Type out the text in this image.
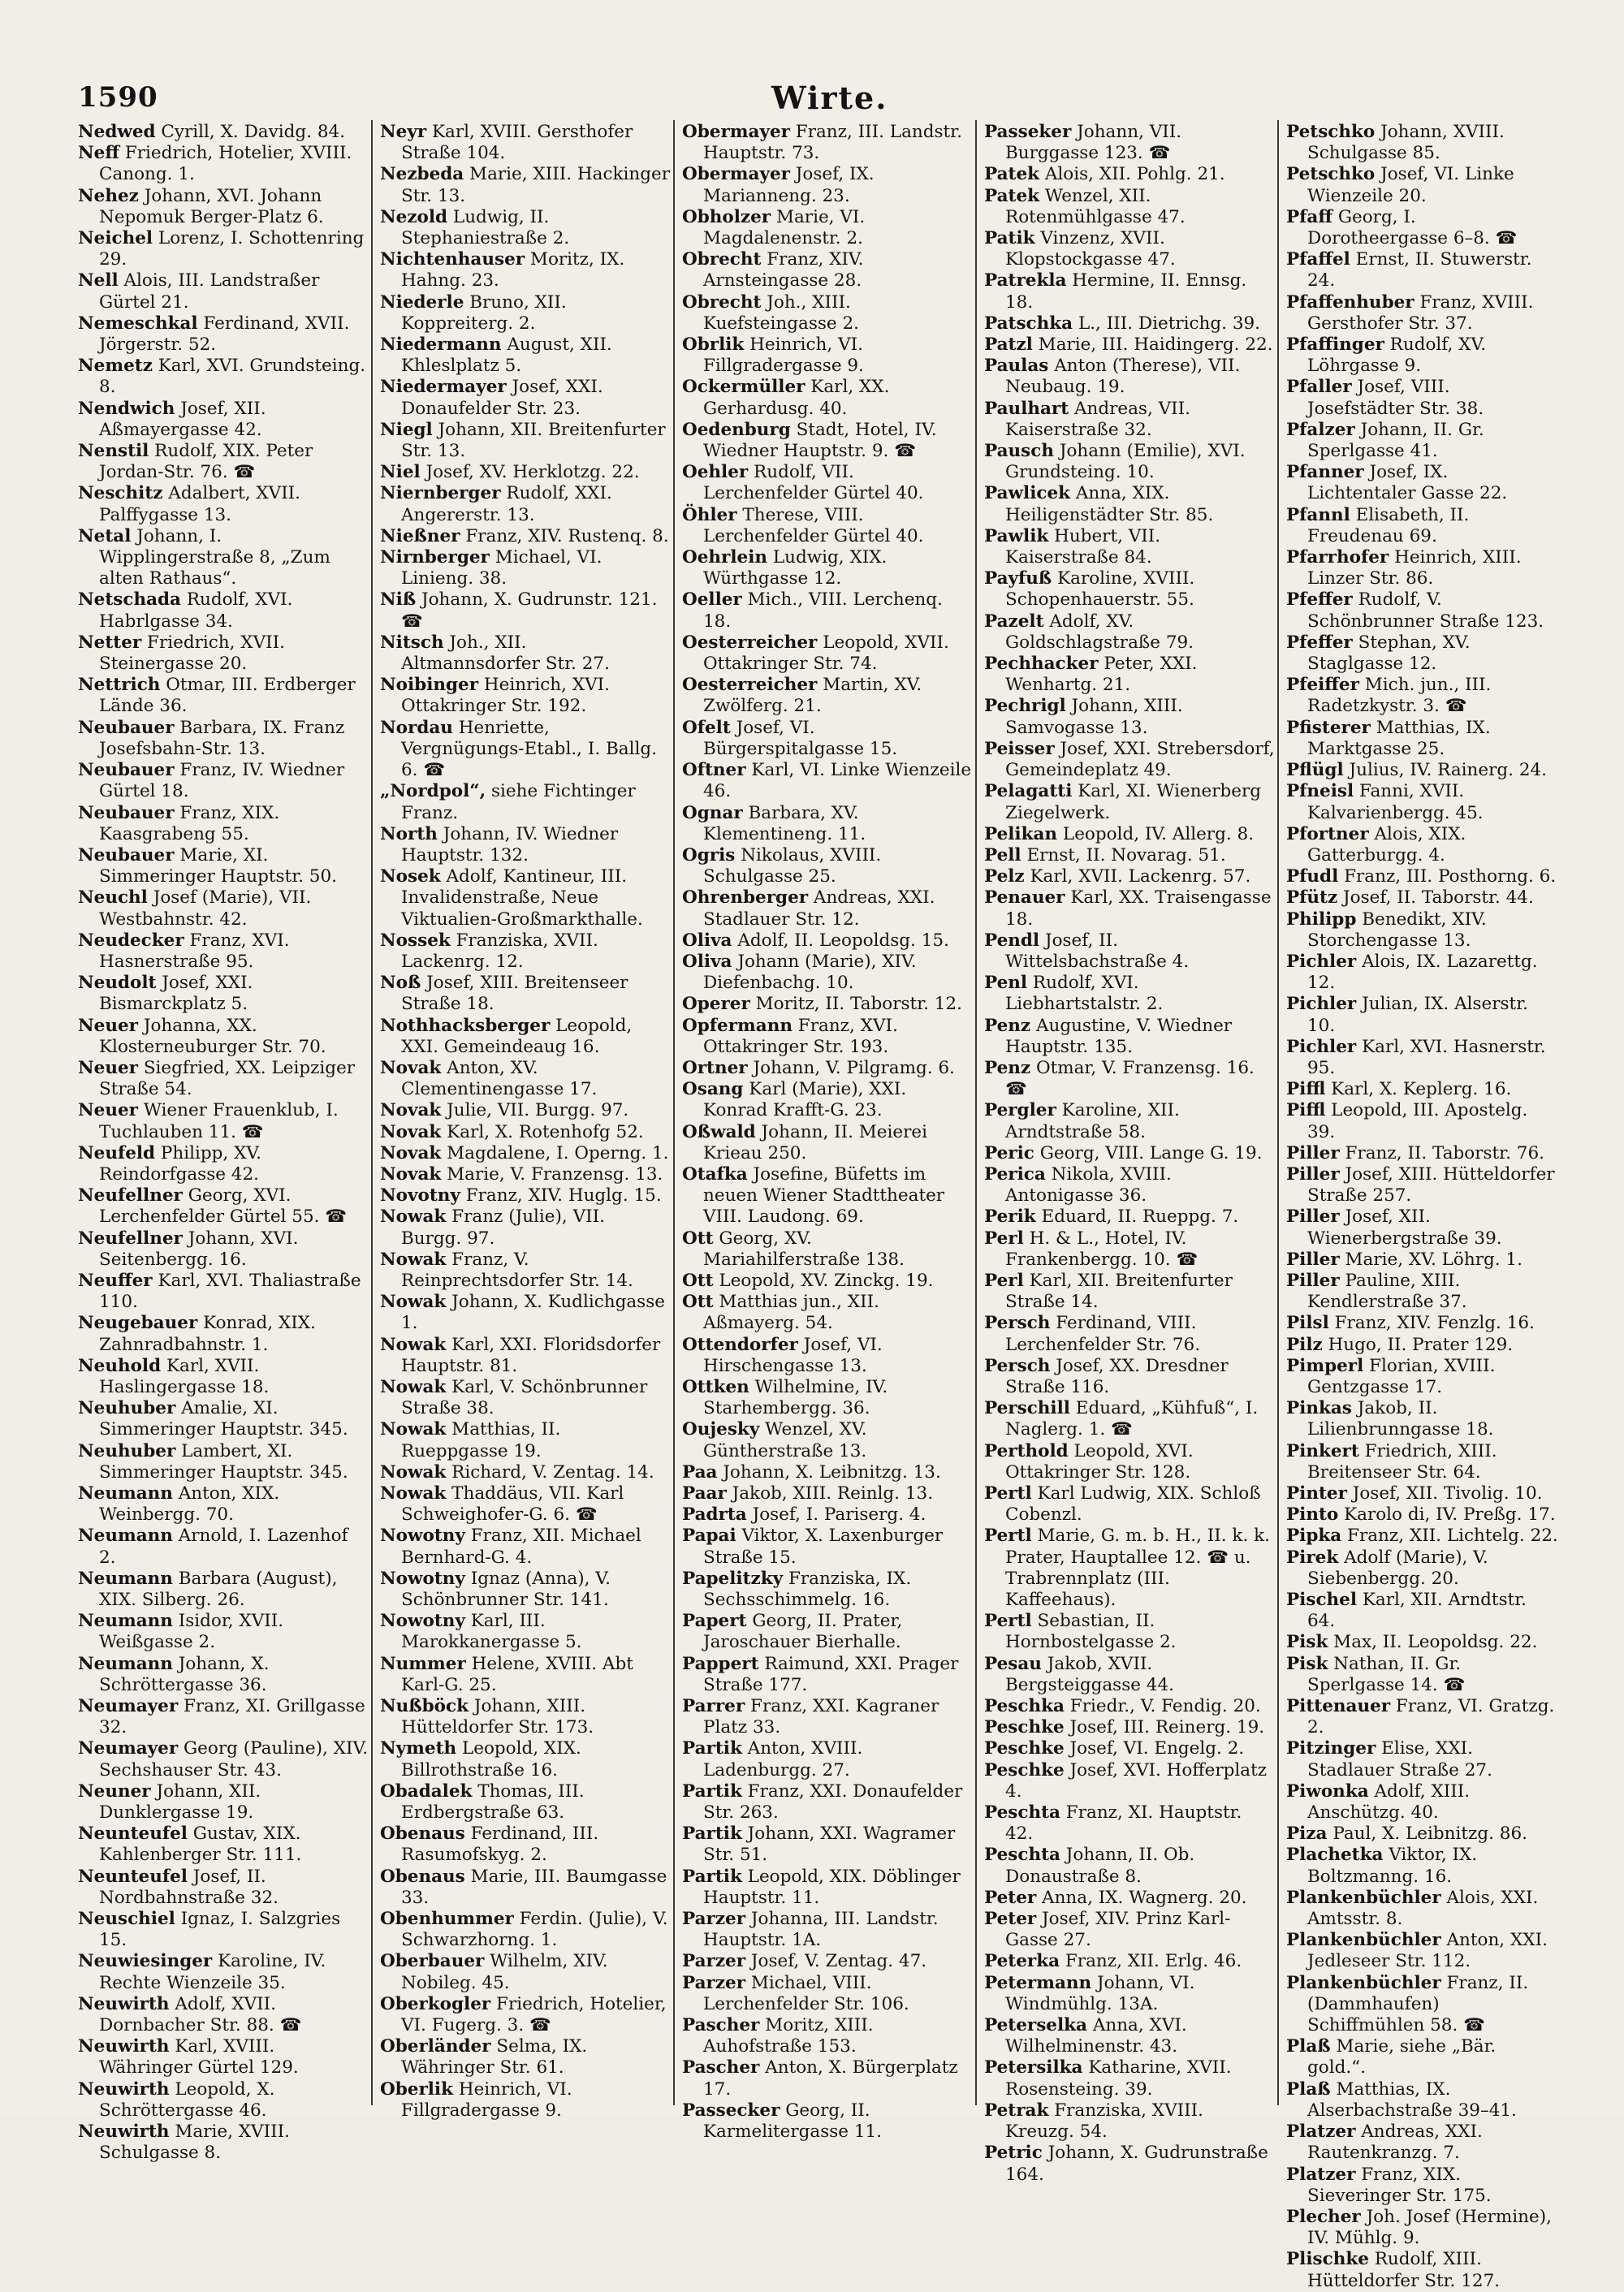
1590	Wirte.

Nedwed Cyrill, X. Davidg. 84.

Neff Friedrich, Hotelier, XVIII. Canong. 1.

Nehez Johann, XVI. Johann Nepomuk Berger-Platz 6.

Neichel Lorenz, I. Schottenring 29.

Nell Alois, III. Landstraßer Gürtel 21.

Nemeschkal Ferdinand, XVII. Jörgerstr. 52.

Nemetz Karl, XVI. Grundsteing. 8.

Nendwich Josef, XII. Aßmayergasse 42.

Nenstil Rudolf, XIX. Peter Jordan-Str. 76. ☎

Neschitz Adalbert, XVII. Palffygasse 13.

Netal Johann, I. Wipplingerstraße 8, „Zum alten Rathaus“.

Netschada Rudolf, XVI. Habrlgasse 34.

Netter Friedrich, XVII. Steinergasse 20.

Nettrich Otmar, III. Erdberger Lände 36.

Neubauer Barbara, IX. Franz Josefsbahn-Str. 13.

Neubauer Franz, IV. Wiedner Gürtel 18.

Neubauer Franz, XIX. Kaasgrabeng 55.

Neubauer Marie, XI. Simmeringer Hauptstr. 50.

Neuchl Josef (Marie), VII. Westbahnstr. 42.

Neudecker Franz, XVI. Hasnerstraße 95.

Neudolt Josef, XXI. Bismarckplatz 5.

Neuer Johanna, XX. Klosterneuburger Str. 70.

Neuer Siegfried, XX. Leipziger Straße 54.

Neuer Wiener Frauenklub, I. Tuchlauben 11. ☎

Neufeld Philipp, XV. Reindorfgasse 42.

Neufellner Georg, XVI. Lerchenfelder Gürtel 55. ☎

Neufellner Johann, XVI. Seitenbergg. 16.

Neuffer Karl, XVI. Thaliastraße 110.

Neugebauer Konrad, XIX. Zahnradbahnstr. 1.

Neuhold Karl, XVII. Haslingergasse 18.

Neuhuber Amalie, XI. Simmeringer Hauptstr. 345.

Neuhuber Lambert, XI. Simmeringer Hauptstr. 345.

Neumann Anton, XIX. Weinbergg. 70.

Neumann Arnold, I. Lazenhof 2.

Neumann Barbara (August), XIX. Silberg. 26.

Neumann Isidor, XVII. Weißgasse 2.

Neumann Johann, X. Schröttergasse 36.

Neumayer Franz, XI. Grillgasse 32.

Neumayer Georg (Pauline), XIV. Sechshauser Str. 43.

Neuner Johann, XII. Dunklergasse 19.

Neunteufel Gustav, XIX. Kahlenberger Str. 111.

Neunteufel Josef, II. Nordbahnstraße 32.

Neuschiel Ignaz, I. Salzgries 15.

Neuwiesinger Karoline, IV. Rechte Wienzeile 35.

Neuwirth Adolf, XVII. Dornbacher Str. 88. ☎

Neuwirth Karl, XVIII. Währinger Gürtel 129.

Neuwirth Leopold, X. Schröttergasse 46.

Neuwirth Marie, XVIII. Schulgasse 8.

Neyr Karl, XVIII. Gersthofer Straße 104.

Nezbeda Marie, XIII. Hackinger Str. 13.

Nezold Ludwig, II. Stephaniestraße 2.

Nichtenhauser Moritz, IX. Hahng. 23.

Niederle Bruno, XII. Koppreiterg. 2.

Niedermann August, XII. Khleslplatz 5.

Niedermayer Josef, XXI. Donaufelder Str. 23.

Niegl Johann, XII. Breitenfurter Str. 13.

Niel Josef, XV. Herklotzg. 22.

Niernberger Rudolf, XXI. Angererstr. 13.

Nießner Franz, XIV. Rustenq. 8.

Nirnberger Michael, VI. Linieng. 38.

Niß Johann, X. Gudrunstr. 121. ☎

Nitsch Joh., XII. Altmannsdorfer Str. 27.

Noibinger Heinrich, XVI. Ottakringer Str. 192.

Nordau Henriette, Vergnügungs-Etabl., I. Ballg. 6. ☎

„Nordpol“, siehe Fichtinger Franz.

North Johann, IV. Wiedner Hauptstr. 132.

Nosek Adolf, Kantineur, III. Invalidenstraße, Neue Viktualien-Großmarkthalle.

Nossek Franziska, XVII. Lackenrg. 12.

Noß Josef, XIII. Breitenseer Straße 18.

Nothhacksberger Leopold, XXI. Gemeindeaug 16.

Novak Anton, XV. Clementinengasse 17.

Novak Julie, VII. Burgg. 97.

Novak Karl, X. Rotenhofg 52.

Novak Magdalene, I. Operng. 1.

Novak Marie, V. Franzensg. 13.

Novotny Franz, XIV. Huglg. 15.

Nowak Franz (Julie), VII. Burgg. 97.

Nowak Franz, V. Reinprechtsdorfer Str. 14.

Nowak Johann, X. Kudlichgasse 1.

Nowak Karl, XXI. Floridsdorfer Hauptstr. 81.

Nowak Karl, V. Schönbrunner Straße 38.

Nowak Matthias, II. Rueppgasse 19.

Nowak Richard, V. Zentag. 14.

Nowak Thaddäus, VII. Karl Schweighofer-G. 6. ☎

Nowotny Franz, XII. Michael Bernhard-G. 4.

Nowotny Ignaz (Anna), V. Schönbrunner Str. 141.

Nowotny Karl, III. Marokkanergasse 5.

Nummer Helene, XVIII. Abt Karl-G. 25.

Nußböck Johann, XIII. Hütteldorfer Str. 173.

Nymeth Leopold, XIX. Billrothstraße 16.

Obadalek Thomas, III. Erdbergstraße 63.

Obenaus Ferdinand, III. Rasumofskyg. 2.

Obenaus Marie, III. Baumgasse 33.

Obenhummer Ferdin. (Julie), V. Schwarzhorng. 1.

Oberbauer Wilhelm, XIV. Nobileg. 45.

Oberkogler Friedrich, Hotelier, VI. Fugerg. 3. ☎

Oberländer Selma, IX. Währinger Str. 61.

Oberlik Heinrich, VI. Fillgradergasse 9.

Obermayer Franz, III. Landstr. Hauptstr. 73.

Obermayer Josef, IX. Marianneng. 23.

Obholzer Marie, VI. Magdalenenstr. 2.

Obrecht Franz, XIV. Arnsteingasse 28.

Obrecht Joh., XIII. Kuefsteingasse 2.

Obrlik Heinrich, VI. Fillgradergasse 9.

Ockermüller Karl, XX. Gerhardusg. 40.

Oedenburg Stadt, Hotel, IV. Wiedner Hauptstr. 9. ☎

Oehler Rudolf, VII. Lerchenfelder Gürtel 40.

Öhler Therese, VIII. Lerchenfelder Gürtel 40.

Oehrlein Ludwig, XIX. Würthgasse 12.

Oeller Mich., VIII. Lerchenq. 18.

Oesterreicher Leopold, XVII. Ottakringer Str. 74.

Oesterreicher Martin, XV. Zwölferg. 21.

Ofelt Josef, VI. Bürgerspitalgasse 15.

Oftner Karl, VI. Linke Wienzeile 46.

Ognar Barbara, XV. Klementineng. 11.

Ogris Nikolaus, XVIII. Schulgasse 25.

Ohrenberger Andreas, XXI. Stadlauer Str. 12.

Oliva Adolf, II. Leopoldsg. 15.

Oliva Johann (Marie), XIV. Diefenbachg. 10.

Operer Moritz, II. Taborstr. 12.

Opfermann Franz, XVI. Ottakringer Str. 193.

Ortner Johann, V. Pilgramg. 6.

Osang Karl (Marie), XXI. Konrad Krafft-G. 23.

Oßwald Johann, II. Meierei Krieau 250.

Otafka Josefine, Büfetts im neuen Wiener Stadttheater VIII. Laudong. 69.

Ott Georg, XV. Mariahilferstraße 138.

Ott Leopold, XV. Zinckg. 19.

Ott Matthias jun., XII. Aßmayerg. 54.

Ottendorfer Josef, VI. Hirschengasse 13.

Ottken Wilhelmine, IV. Starhembergg. 36.

Oujesky Wenzel, XV. Güntherstraße 13.

Paa Johann, X. Leibnitzg. 13.

Paar Jakob, XIII. Reinlg. 13.

Padrta Josef, I. Pariserg. 4.

Papai Viktor, X. Laxenburger Straße 15.

Papelitzky Franziska, IX. Sechsschimmelg. 16.

Papert Georg, II. Prater, Jaroschauer Bierhalle.

Pappert Raimund, XXI. Prager Straße 177.

Parrer Franz, XXI. Kagraner Platz 33.

Partik Anton, XVIII. Ladenburgg. 27.

Partik Franz, XXI. Donaufelder Str. 263.

Partik Johann, XXI. Wagramer Str. 51.

Partik Leopold, XIX. Döblinger Hauptstr. 11.

Parzer Johanna, III. Landstr. Hauptstr. 1A.

Parzer Josef, V. Zentag. 47.

Parzer Michael, VIII. Lerchenfelder Str. 106.

Pascher Moritz, XIII. Auhofstraße 153.

Pascher Anton, X. Bürgerplatz 17.

Passecker Georg, II. Karmelitergasse 11.

Passeker Johann, VII. Burggasse 123. ☎

Patek Alois, XII. Pohlg. 21.

Patek Wenzel, XII. Rotenmühlgasse 47.

Patik Vinzenz, XVII. Klopstockgasse 47.

Patrekla Hermine, II. Ennsg. 18.

Patschka L., III. Dietrichg. 39.

Patzl Marie, III. Haidingerg. 22.

Paulas Anton (Therese), VII. Neubaug. 19.

Paulhart Andreas, VII. Kaiserstraße 32.

Pausch Johann (Emilie), XVI. Grundsteing. 10.

Pawlicek Anna, XIX. Heiligenstädter Str. 85.

Pawlik Hubert, VII. Kaiserstraße 84.

Payfuß Karoline, XVIII. Schopenhauerstr. 55.

Pazelt Adolf, XV. Goldschlagstraße 79.

Pechhacker Peter, XXI. Wenhartg. 21.

Pechrigl Johann, XIII. Samvogasse 13.

Peisser Josef, XXI. Strebersdorf, Gemeindeplatz 49.

Pelagatti Karl, XI. Wienerberg Ziegelwerk.

Pelikan Leopold, IV. Allerg. 8.

Pell Ernst, II. Novarag. 51.

Pelz Karl, XVII. Lackenrg. 57.

Penauer Karl, XX. Traisengasse 18.

Pendl Josef, II. Wittelsbachstraße 4.

Penl Rudolf, XVI. Liebhartstalstr. 2.

Penz Augustine, V. Wiedner Hauptstr. 135.

Penz Otmar, V. Franzensg. 16. ☎

Pergler Karoline, XII. Arndtstraße 58.

Peric Georg, VIII. Lange G. 19.

Perica Nikola, XVIII. Antonigasse 36.

Perik Eduard, II. Rueppg. 7.

Perl H. & L., Hotel, IV. Frankenbergg. 10. ☎

Perl Karl, XII. Breitenfurter Straße 14.

Persch Ferdinand, VIII. Lerchenfelder Str. 76.

Persch Josef, XX. Dresdner Straße 116.

Perschill Eduard, „Kühfuß“, I. Naglerg. 1. ☎

Perthold Leopold, XVI. Ottakringer Str. 128.

Pertl Karl Ludwig, XIX. Schloß Cobenzl.

Pertl Marie, G. m. b. H., II. k. k. Prater, Hauptallee 12. ☎ u. Trabrennplatz (III. Kaffeehaus).

Pertl Sebastian, II. Hornbostelgasse 2.

Pesau Jakob, XVII. Bergsteiggasse 44.

Peschka Friedr., V. Fendig. 20.

Peschke Josef, III. Reinerg. 19.

Peschke Josef, VI. Engelg. 2.

Peschke Josef, XVI. Hofferplatz 4.

Peschta Franz, XI. Hauptstr. 42.

Peschta Johann, II. Ob. Donaustraße 8.

Peter Anna, IX. Wagnerg. 20.

Peter Josef, XIV. Prinz Karl-Gasse 27.

Peterka Franz, XII. Erlg. 46.

Petermann Johann, VI. Windmühlg. 13A.

Peterselka Anna, XVI. Wilhelminenstr. 43.

Petersilka Katharine, XVII. Rosensteing. 39.

Petrak Franziska, XVIII. Kreuzg. 54.

Petric Johann, X. Gudrunstraße 164.

Petschko Johann, XVIII. Schulgasse 85.

Petschko Josef, VI. Linke Wienzeile 20.

Pfaff Georg, I. Dorotheergasse 6–8. ☎

Pfaffel Ernst, II. Stuwerstr. 24.

Pfaffenhuber Franz, XVIII. Gersthofer Str. 37.

Pfaffinger Rudolf, XV. Löhrgasse 9.

Pfaller Josef, VIII. Josefstädter Str. 38.

Pfalzer Johann, II. Gr. Sperlgasse 41.

Pfanner Josef, IX. Lichtentaler Gasse 22.

Pfannl Elisabeth, II. Freudenau 69.

Pfarrhofer Heinrich, XIII. Linzer Str. 86.

Pfeffer Rudolf, V. Schönbrunner Straße 123.

Pfeffer Stephan, XV. Staglgasse 12.

Pfeiffer Mich. jun., III. Radetzkystr. 3. ☎

Pfisterer Matthias, IX. Marktgasse 25.

Pflügl Julius, IV. Rainerg. 24.

Pfneisl Fanni, XVII. Kalvarienbergg. 45.

Pfortner Alois, XIX. Gatterburgg. 4.

Pfudl Franz, III. Posthorng. 6.

Pfütz Josef, II. Taborstr. 44.

Philipp Benedikt, XIV. Storchengasse 13.

Pichler Alois, IX. Lazarettg. 12.

Pichler Julian, IX. Alserstr. 10.

Pichler Karl, XVI. Hasnerstr. 95.

Piffl Karl, X. Keplerg. 16.

Piffl Leopold, III. Apostelg. 39.

Piller Franz, II. Taborstr. 76.

Piller Josef, XIII. Hütteldorfer Straße 257.

Piller Josef, XII. Wienerbergstraße 39.

Piller Marie, XV. Löhrg. 1.

Piller Pauline, XIII. Kendlerstraße 37.

Pilsl Franz, XIV. Fenzlg. 16.

Pilz Hugo, II. Prater 129.

Pimperl Florian, XVIII. Gentzgasse 17.

Pinkas Jakob, II. Lilienbrunngasse 18.

Pinkert Friedrich, XIII. Breitenseer Str. 64.

Pinter Josef, XII. Tivolig. 10.

Pinto Karolo di, IV. Preßg. 17.

Pipka Franz, XII. Lichtelg. 22.

Pirek Adolf (Marie), V. Siebenbergg. 20.

Pischel Karl, XII. Arndtstr. 64.

Pisk Max, II. Leopoldsg. 22.

Pisk Nathan, II. Gr. Sperlgasse 14. ☎

Pittenauer Franz, VI. Gratzg. 2.

Pitzinger Elise, XXI. Stadlauer Straße 27.

Piwonka Adolf, XIII. Anschützg. 40.

Piza Paul, X. Leibnitzg. 86.

Plachetka Viktor, IX. Boltzmanng. 16.

Plankenbüchler Alois, XXI. Amtsstr. 8.

Plankenbüchler Anton, XXI. Jedleseer Str. 112.

Plankenbüchler Franz, II. (Dammhaufen) Schiffmühlen 58. ☎

Plaß Marie, siehe „Bär. gold.“.

Plaß Matthias, IX. Alserbachstraße 39–41.

Platzer Andreas, XXI. Rautenkranzg. 7.

Platzer Franz, XIX. Sieveringer Str. 175.

Plecher Joh. Josef (Hermine), IV. Mühlg. 9.

Plischke Rudolf, XIII. Hütteldorfer Str. 127.
